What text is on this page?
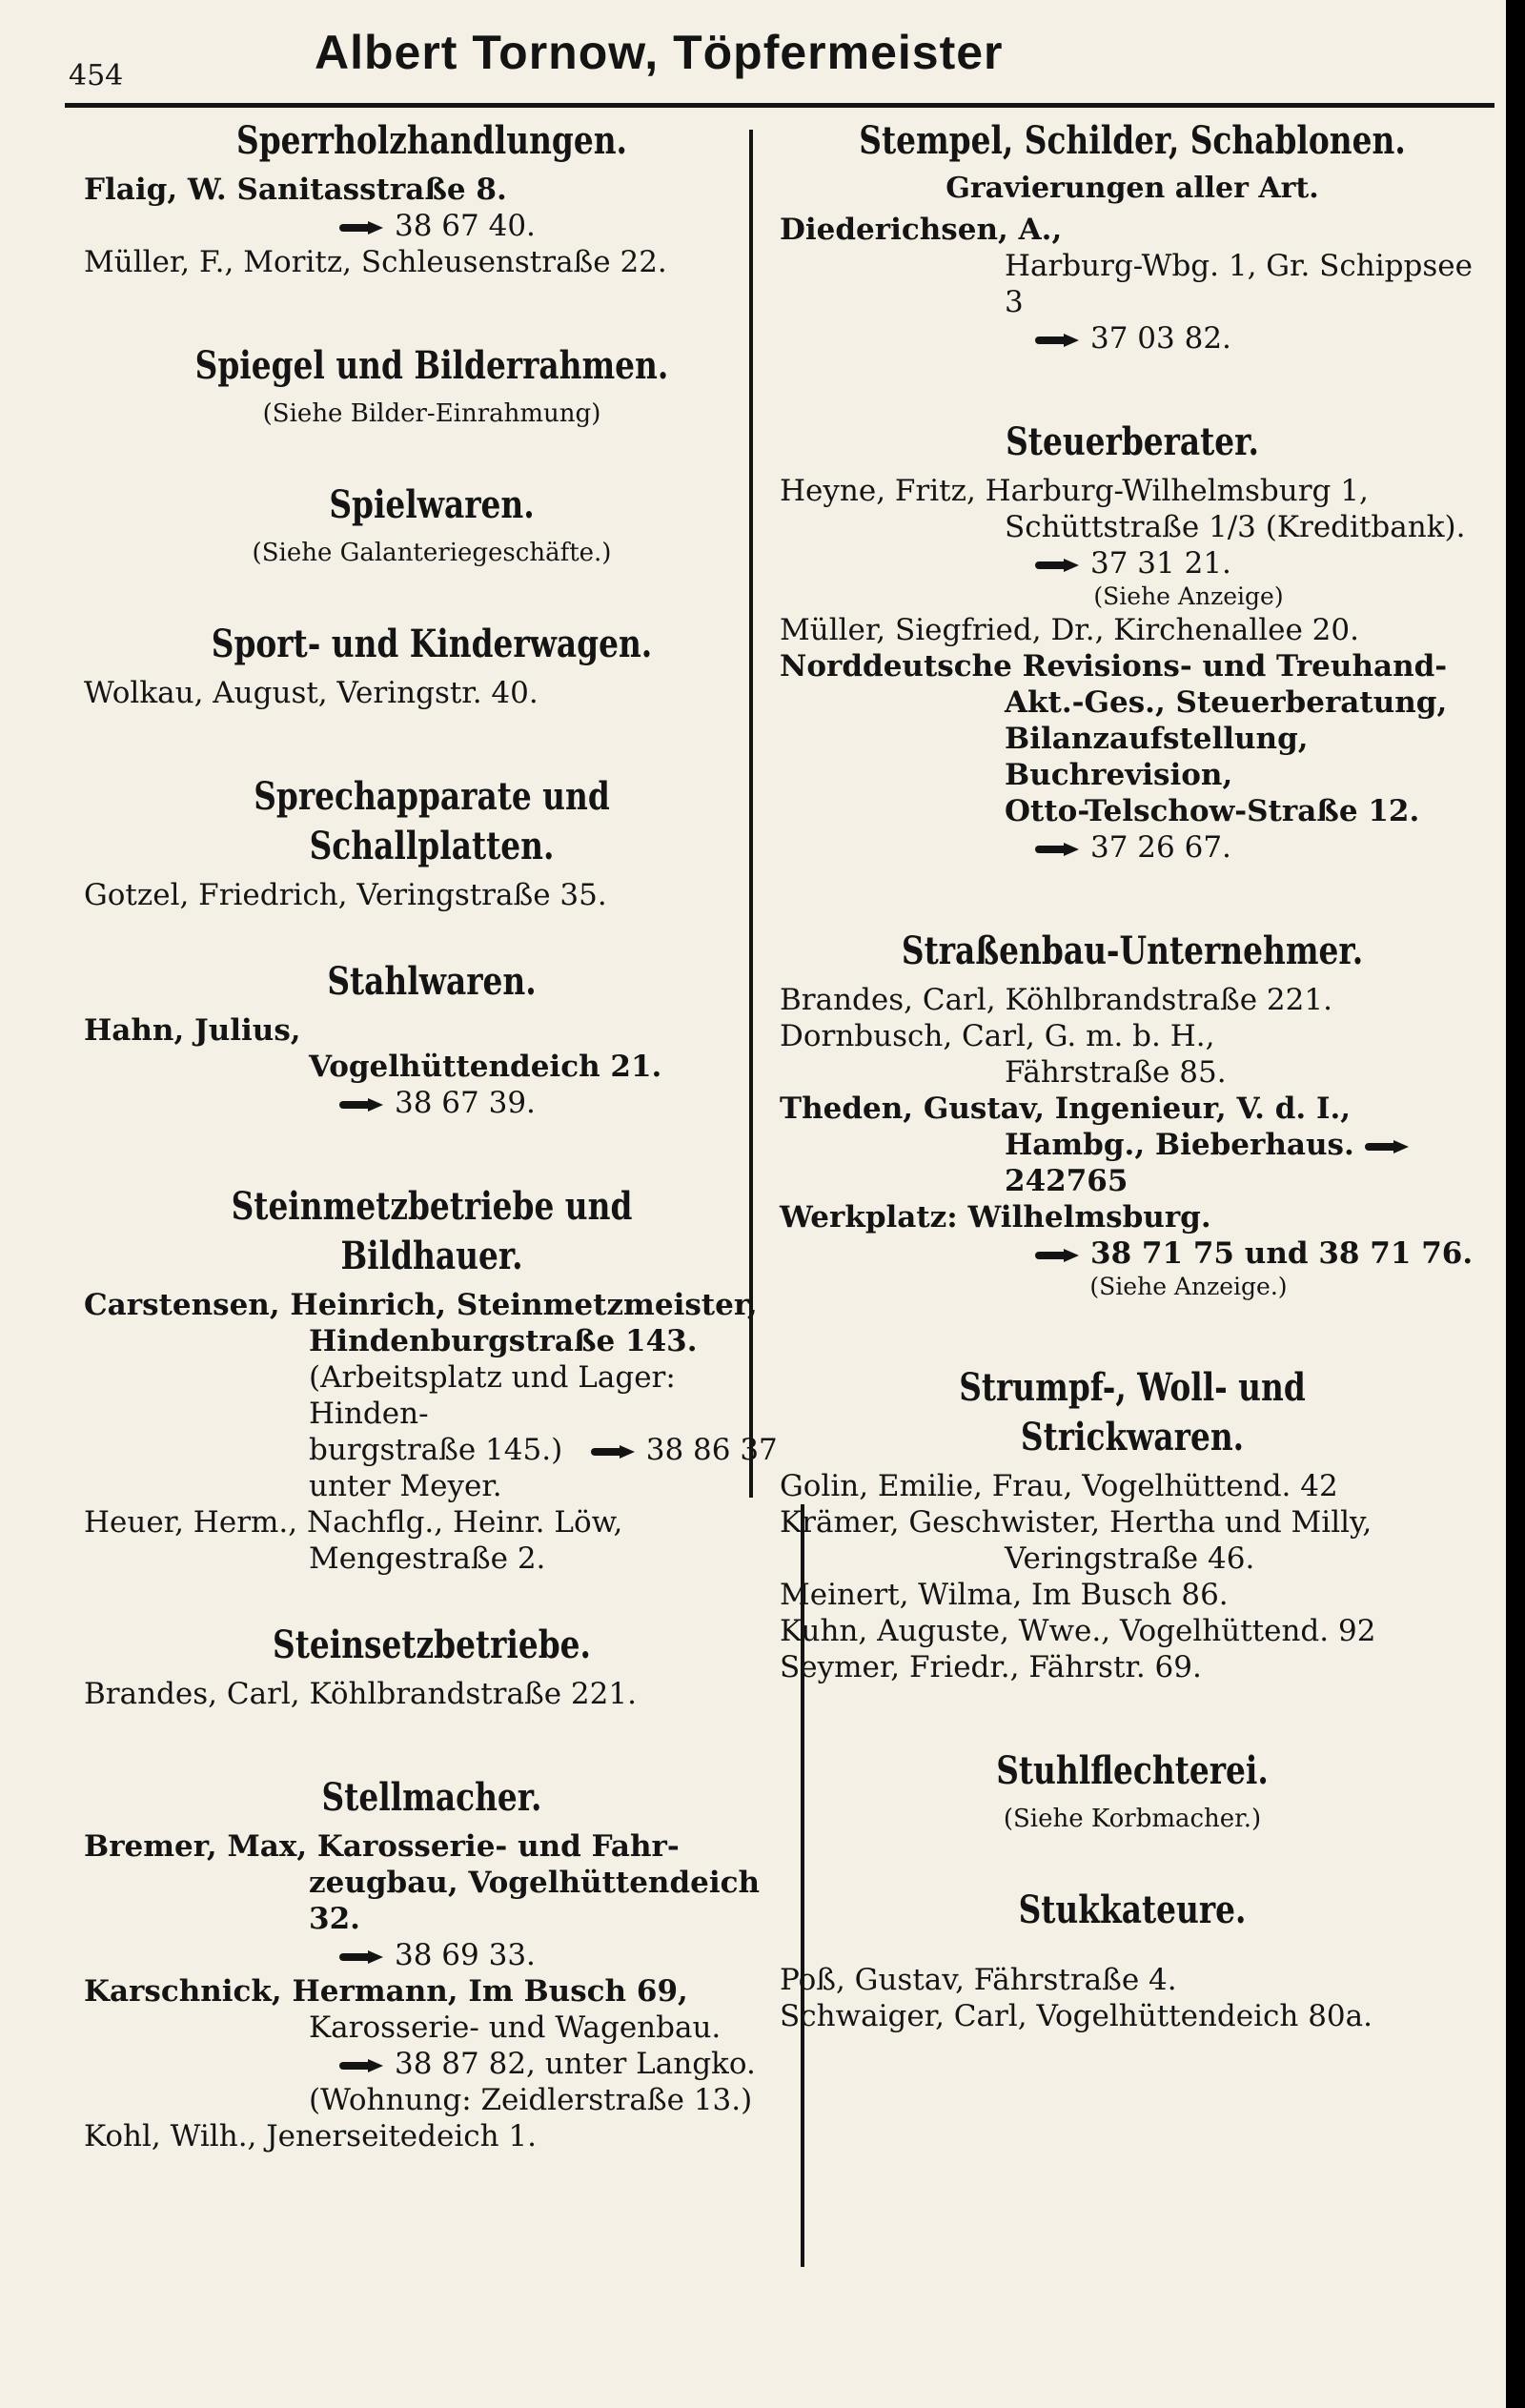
454	Albert Tornow, Töpfermeister
Sperrholzhandlungen.
Flaig, W. Sanitasstraße 8.
38 67 40.
Müller, F., Moritz, Schleusenstraße 22.
Spiegel und Bilderrahmen.
(Siehe Bilder-Einrahmung)
Spielwaren.
(Siehe Galanteriegeschäfte.)
Sport- und Kinderwagen.
Wolkau, August, Veringstr. 40.
Sprechapparate und Schallplatten.
Gotzel, Friedrich, Veringstraße 35.
Stahlwaren.
Hahn, Julius,
Vogelhüttendeich 21.
38 67 39.
Steinmetzbetriebe und Bildhauer.
Carstensen, Heinrich, Steinmetzmeister,
Hindenburgstraße 143.
(Arbeitsplatz und Lager: Hinden-
burgstraße 145.)	38 86 37
unter Meyer.
Heuer, Herm., Nachflg., Heinr. Löw,
Mengestraße 2.
Steinsetzbetriebe.
Brandes, Carl, Köhlbrandstraße 221.
Stellmacher.
Bremer, Max, Karosserie- und Fahr-
zeugbau, Vogelhüttendeich 32.
38 69 33.
Karschnick, Hermann, Im Busch 69,
Karosserie- und Wagenbau.
38 87 82, unter Langko.
(Wohnung: Zeidlerstraße 13.)
Kohl, Wilh., Jenerseitedeich 1.
Stempel, Schilder, Schablonen.
Gravierungen aller Art.
Diederichsen, A.,
Harburg-Wbg. 1, Gr. Schippsee 3
37 03 82.
Steuerberater.
Heyne, Fritz, Harburg-Wilhelmsburg 1,
Schüttstraße 1/3 (Kreditbank).
37 31 21.
(Siehe Anzeige)
Müller, Siegfried, Dr., Kirchenallee 20.
Norddeutsche Revisions- und Treuhand-
Akt.-Ges., Steuerberatung,
Bilanzaufstellung, Buchrevision,
Otto-Telschow-Straße 12.
37 26 67.
Straßenbau-Unternehmer.
Brandes, Carl, Köhlbrandstraße 221.
Dornbusch, Carl, G. m. b. H.,
Fährstraße 85.
Theden, Gustav, Ingenieur, V. d. I.,
Hambg., Bieberhaus. 242765
Werkplatz: Wilhelmsburg.
38 71 75 und 38 71 76.
(Siehe Anzeige.)
Strumpf-, Woll- und Strickwaren.
Golin, Emilie, Frau, Vogelhüttend. 42
Krämer, Geschwister, Hertha und Milly,
Veringstraße 46.
Meinert, Wilma, Im Busch 86.
Kuhn, Auguste, Wwe., Vogelhüttend. 92
Seymer, Friedr., Fährstr. 69.
Stuhlflechterei.
(Siehe Korbmacher.)
Stukkateure.
Poß, Gustav, Fährstraße 4.
Schwaiger, Carl, Vogelhüttendeich 80a.
